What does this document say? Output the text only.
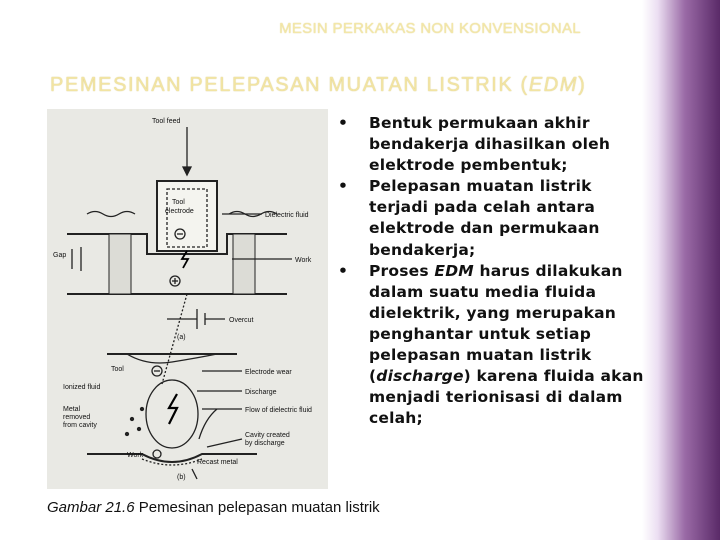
MESIN PERKAKAS NON KONVENSIONAL
PEMESINAN PELEPASAN MUATAN LISTRIK (EDM)
Tool feed
Tool
electrode
Dielectric fluid
Gap
Work
Overcut
(a)
Electrode wear
Tool
Ionized fluid
Discharge
Metal
removed
from cavity
Flow of dielectric fluid
Cavity created
by discharge
Work
Recast metal
(b)
Gambar 21.6 Pemesinan pelepasan muatan listrik
• Bentuk permukaan akhir
bendakerja dihasilkan oleh
elektrode pembentuk;
• Pelepasan muatan listrik
terjadi pada celah antara
elektrode dan permukaan
bendakerja;
• Proses EDM harus dilakukan
dalam suatu media fluida
dielektrik, yang merupakan
penghantar untuk setiap
pelepasan muatan listrik
(discharge) karena fluida akan
menjadi terionisasi di dalam
celah;
